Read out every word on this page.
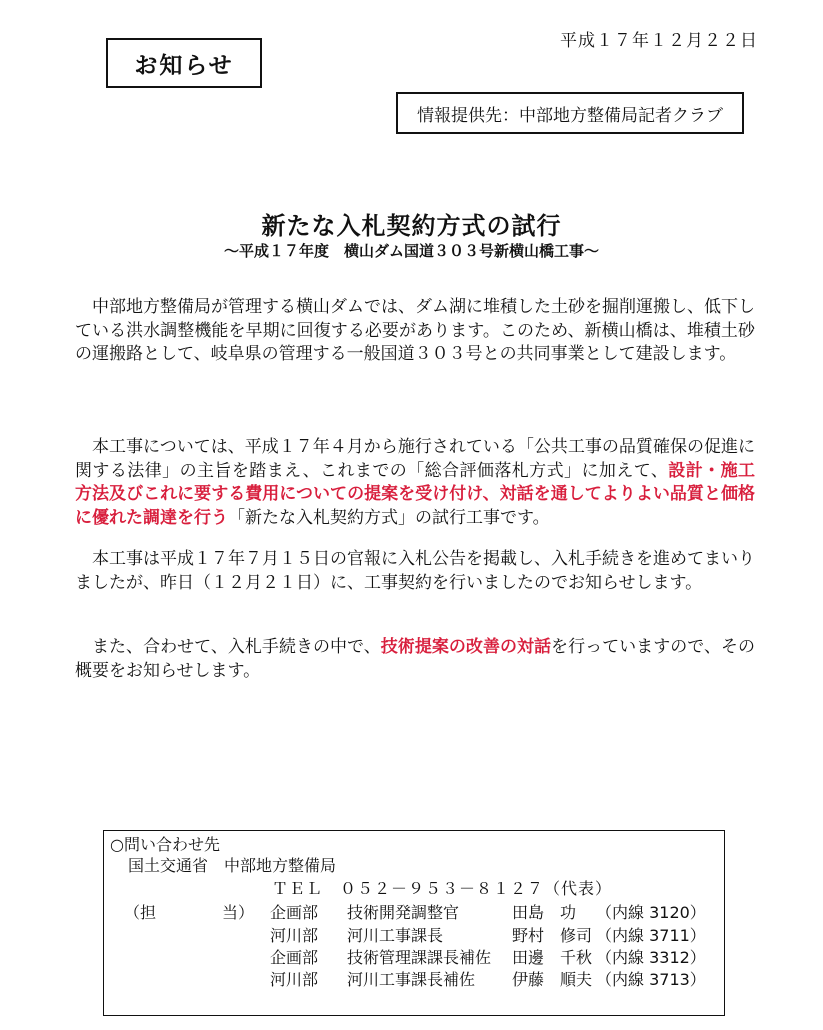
平成１７年１２月２２日
お知らせ
情報提供先：中部地方整備局記者クラブ
新たな入札契約方式の試行
～平成１７年度　横山ダム国道３０３号新横山橋工事～
中部地方整備局が管理する横山ダムでは、ダム湖に堆積した土砂を掘削運搬し、低下している洪水調整機能を早期に回復する必要があります。このため、新横山橋は、堆積土砂の運搬路として、岐阜県の管理する一般国道３０３号との共同事業として建設します。
本工事については、平成１７年４月から施行されている「公共工事の品質確保の促進に関する法律」の主旨を踏まえ、これまでの「総合評価落札方式」に加えて、設計・施工方法及びこれに要する費用についての提案を受け付け、対話を通してよりよい品質と価格に優れた調達を行う「新たな入札契約方式」の試行工事です。
本工事は平成１７年７月１５日の官報に入札公告を掲載し、入札手続きを進めてまいりましたが、昨日（１２月２１日）に、工事契約を行いましたのでお知らせします。
また、合わせて、入札手続きの中で、技術提案の改善の対話を行っていますので、その概要をお知らせします。
○問い合わせ先
国土交通省　中部地方整備局
ＴＥＬ　０５２－９５３－８１２７（代表）
（担	当） 企画部 技術開発調整官	田島　功 （内線 3120）
河川部 河川工事課長	野村　修司 （内線 3711）
企画部 技術管理課課長補佐 田邊　千秋 （内線 3312）
河川部 河川工事課長補佐 伊藤　順夫 （内線 3713）
